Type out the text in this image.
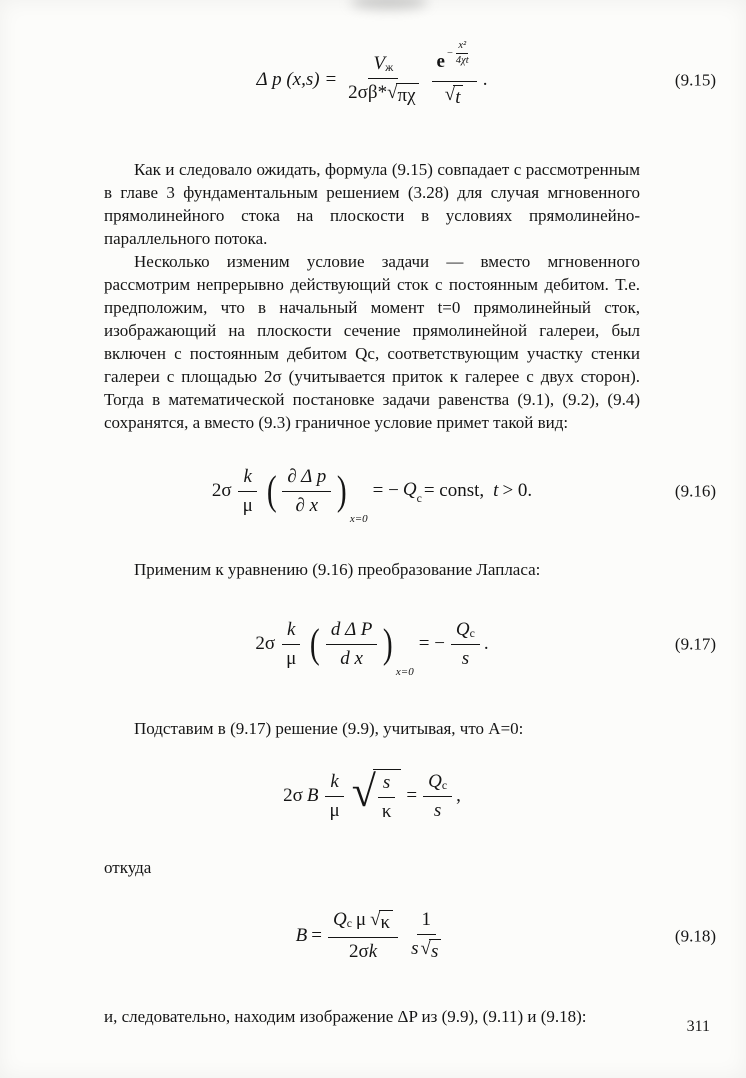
Δ p $(x,s) = \frac{V_ж}{2\sigma\beta* √ \pi\chi} \frac{e - \frac{\text{x²}}{4\chi t}}{√ t}$ .	(9.15)

Как и следовало ожидать, формула (9.15) совпадает с рассмотренным в главе 3 фундаментальным решением (3.28) для случая мгновенного прямолинейного стока на плоскости в условиях прямолинейно-параллельного потока.

Несколько изменим условие задачи — вместо мгновенного рассмотрим непрерывно действующий сток с постоянным дебитом. Т.е. предположим, что в начальный момент t=0 прямолинейный сток, изображающий на плоскости сечение прямолинейной галереи, был включен с постоянным дебитом Qс, соответствующим участку стенки галереи с площадью 2σ (учитывается приток к галерее с двух сторон). Тогда в математической постановке задачи равенства (9.1), (9.2), (9.4) сохранятся, а вместо (9.3) граничное условие примет такой вид:

$2\sigma \frac{k}{\mu}$ ( $\frac{\text{∂ Δ p}}{\partial x}$ )
x=0
= − $Q_с$ = const, t > 0.	(9.16)

Применим к уравнению (9.16) преобразование Лапласа:

$2\sigma \frac{k}{\mu}$ ( $\frac{\text{d Δ P}}{\text{d x}}$ )
x=0
= − $\frac{Q_с}{s}$ .	(9.17)

Подставим в (9.17) решение (9.9), учитывая, что A=0:

2σ B $\frac{k}{\mu}$ √ $\frac{s}{\kappa} = \frac{Q_с}{s}$ ,

откуда

$B = \frac{Q_с \mu √ \kappa}{\text{2σ k}} \frac{1}{s √ s}$	(9.18)

и, следовательно, находим изображение ΔP из (9.9), (9.11) и (9.18):

311
